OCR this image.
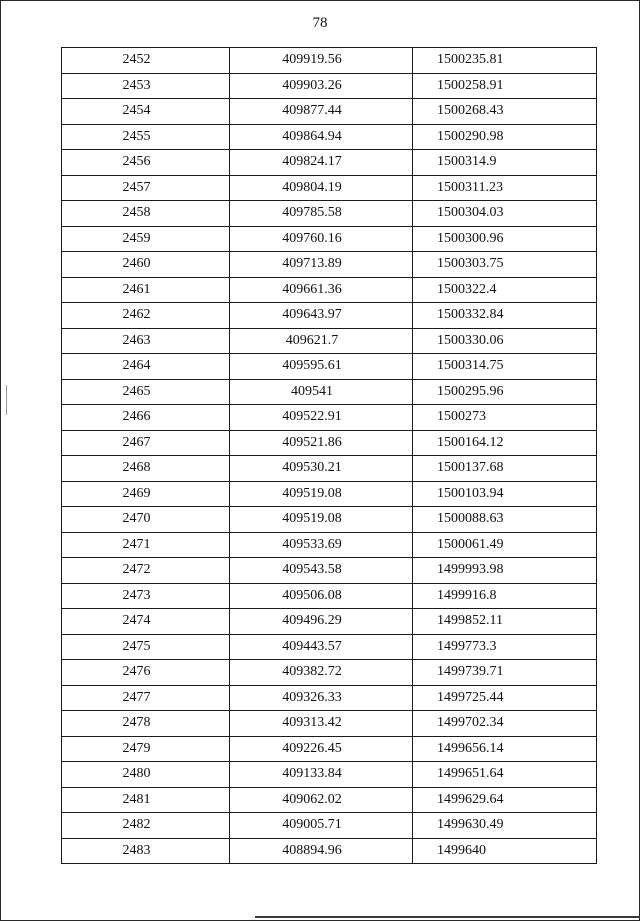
78
2452	409919.56	1500235.81
2453	409903.26	1500258.91
2454	409877.44	1500268.43
2455	409864.94	1500290.98
2456	409824.17	1500314.9
2457	409804.19	1500311.23
2458	409785.58	1500304.03
2459	409760.16	1500300.96
2460	409713.89	1500303.75
2461	409661.36	1500322.4
2462	409643.97	1500332.84
2463	409621.7	1500330.06
2464	409595.61	1500314.75
2465	409541	1500295.96
2466	409522.91	1500273
2467	409521.86	1500164.12
2468	409530.21	1500137.68
2469	409519.08	1500103.94
2470	409519.08	1500088.63
2471	409533.69	1500061.49
2472	409543.58	1499993.98
2473	409506.08	1499916.8
2474	409496.29	1499852.11
2475	409443.57	1499773.3
2476	409382.72	1499739.71
2477	409326.33	1499725.44
2478	409313.42	1499702.34
2479	409226.45	1499656.14
2480	409133.84	1499651.64
2481	409062.02	1499629.64
2482	409005.71	1499630.49
2483	408894.96	1499640
